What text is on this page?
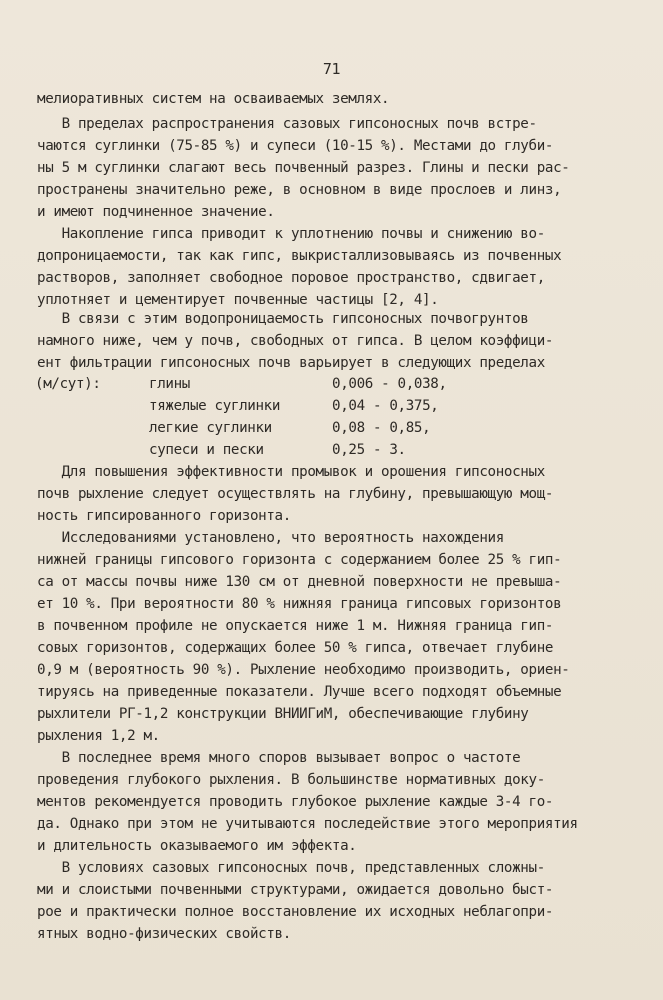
71
мелиоративных систем на осваиваемых землях.
В пределах распространения сазовых гипсоносных почв встре-
чаются суглинки (75-85 %) и супеси (10-15 %). Местами до глуби-
ны 5 м суглинки слагают весь почвенный разрез. Глины и пески рас-
пространены значительно реже, в основном в виде прослоев и линз,
и имеют подчиненное значение.
Накопление гипса приводит к уплотнению почвы и снижению во-
допроницаемости, так как гипс, выкристаллизовываясь из почвенных
растворов, заполняет свободное поровое пространство, сдвигает,
уплотняет и цементирует почвенные частицы [2, 4].
В связи с этим водопроницаемость гипсоносных почвогрунтов
намного ниже, чем у почв, свободных от гипса. В целом коэффици-
ент фильтрации гипсоносных почв варьирует в следующих пределах
(м/сут):	глины	0,006 - 0,038,
тяжелые суглинки	0,04 - 0,375,
легкие суглинки	0,08 - 0,85,
супеси и пески	0,25 - 3.
Для повышения эффективности промывок и орошения гипсоносных
почв рыхление следует осуществлять на глубину, превышающую мощ-
ность гипсированного горизонта.
Исследованиями установлено, что вероятность нахождения
нижней границы гипсового горизонта с содержанием более 25 % гип-
са от массы почвы ниже 130 см от дневной поверхности не превыша-
ет 10 %. При вероятности 80 % нижняя граница гипсовых горизонтов
в почвенном профиле не опускается ниже 1 м. Нижняя граница гип-
совых горизонтов, содержащих более 50 % гипса, отвечает глубине
0,9 м (вероятность 90 %). Рыхление необходимо производить, ориен-
тируясь на приведенные показатели. Лучше всего подходят объемные
рыхлители РГ-1,2 конструкции ВНИИГиМ, обеспечивающие глубину
рыхления 1,2 м.
В последнее время много споров вызывает вопрос о частоте
проведения глубокого рыхления. В большинстве нормативных доку-
ментов рекомендуется проводить глубокое рыхление каждые 3-4 го-
да. Однако при этом не учитываются последействие этого мероприятия
и длительность оказываемого им эффекта.
В условиях сазовых гипсоносных почв, представленных сложны-
ми и слоистыми почвенными структурами, ожидается довольно быст-
рое и практически полное восстановление их исходных неблагопри-
ятных водно-физических свойств.
